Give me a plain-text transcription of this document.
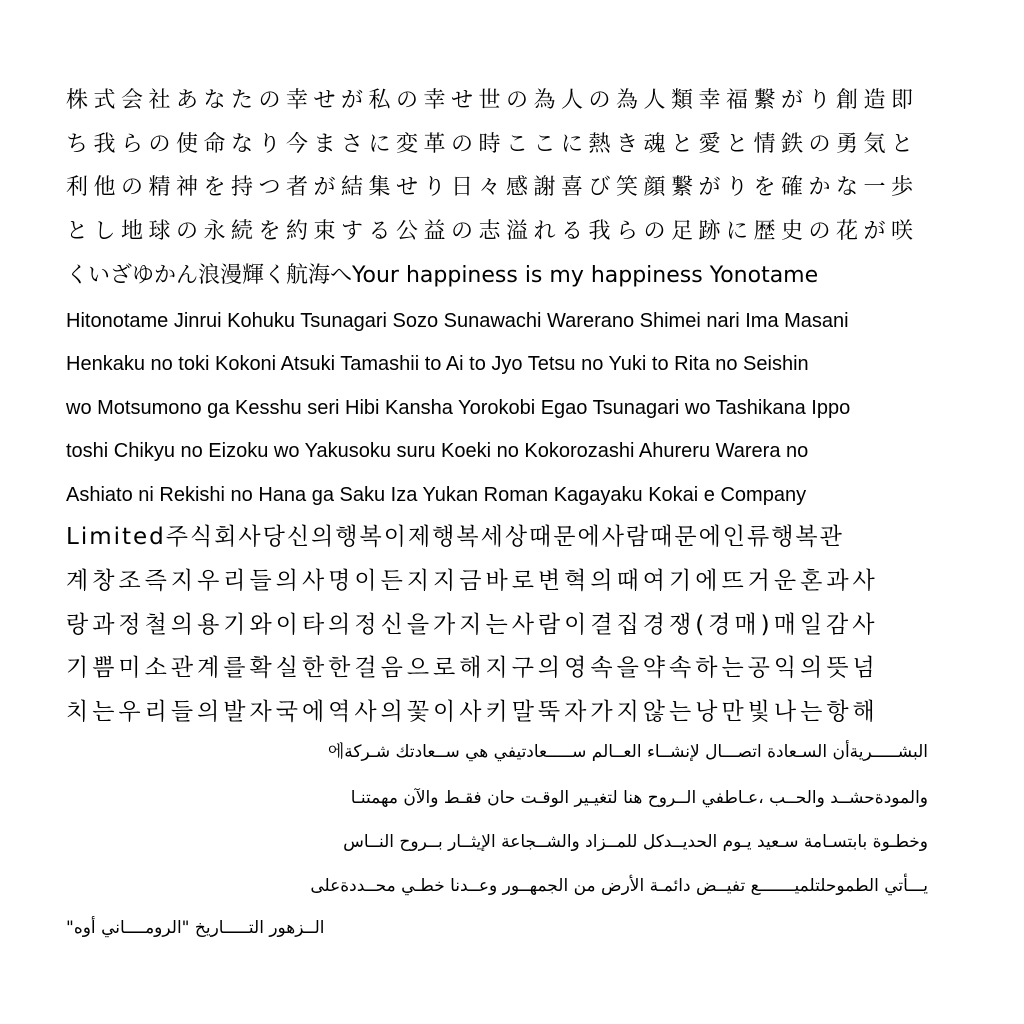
株式会社あなたの幸せが私の幸せ世の為人の為人類幸福繋がり創造即
ち我らの使命なり今まさに変革の時ここに熱き魂と愛と情鉄の勇気と
利他の精神を持つ者が結集せり日々感謝喜び笑顔繋がりを確かな一歩
とし地球の永続を約束する公益の志溢れる我らの足跡に歴史の花が咲
くいざゆかん浪漫輝く航海へYour happiness is my happiness Yonotame
Hitonotame Jinrui Kohuku Tsunagari Sozo Sunawachi Warerano Shimei nari Ima Masani
Henkaku no toki Kokoni Atsuki Tamashii to Ai to Jyo Tetsu no Yuki to Rita no Seishin
wo Motsumono ga Kesshu seri Hibi Kansha Yorokobi Egao Tsunagari wo Tashikana Ippo
toshi Chikyu no Eizoku wo Yakusoku suru Koeki no Kokorozashi Ahureru Warera no
Ashiato ni Rekishi no Hana ga Saku Iza Yukan Roman Kagayaku Kokai e Company
Limited주식회사당신의행복이제행복세상때문에사람때문에인류행복관
계창조즉지우리들의사명이든지지금바로변혁의때여기에뜨거운혼과사
랑과정철의용기와이타의정신을가지는사람이결집경쟁(경매)매일감사
기쁨미소관계를확실한한걸음으로해지구의영속을약속하는공익의뜻넘
치는우리들의발자국에역사의꽃이사키말뚝자가지않는낭만빛나는항해
에البشـــــريةأن السـعادة اتصـــال لإنشــاء العــالم ســـــعادتيفي هي ســعادتك شـركة
والمودةحشــد والحــب ،عـاطفي الــروح هنا لتغيـير الوقـت حان فقـط والآن مهمتنـا
وخطـوة بابتسـامة سـعيد يـوم الحديــدكل للمــزاد والشــجاعة الإيثــار بــروح النــاس
يـــأتي الطموحلتلميـــــــع تفيــض دائمـة الأرض من الجمهــور وعــدنا خطـي محــددةعلى
الــزهور التـــــاريخ "الرومــــاني أوه"
